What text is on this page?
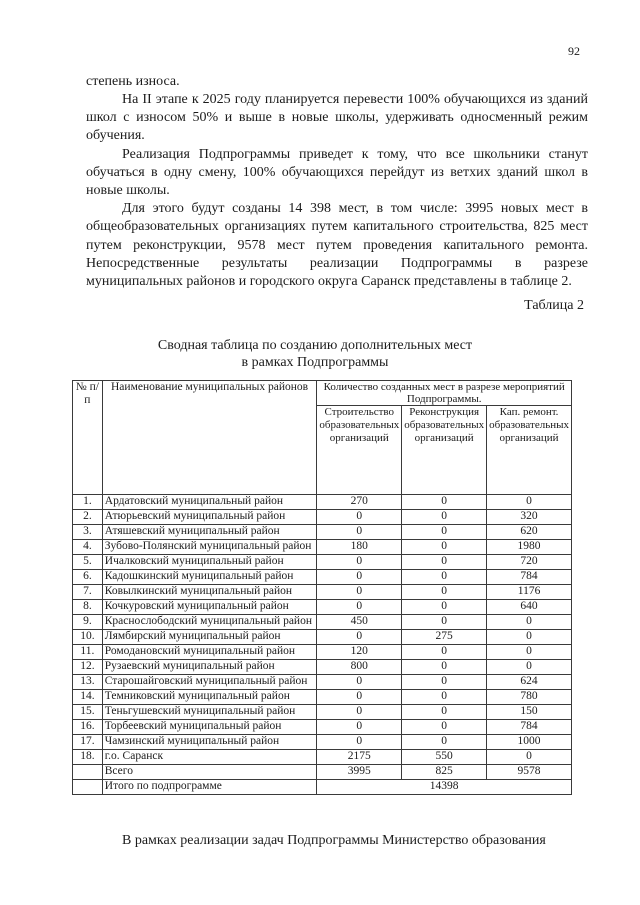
92

степень износа.

На II этапе к 2025 году планируется перевести 100% обучающихся из зданий школ с износом 50% и выше в новые школы, удерживать односменный режим обучения.

Реализация Подпрограммы приведет к тому, что все школьники станут обучаться в одну смену, 100% обучающихся перейдут из ветхих зданий школ в новые школы.

Для этого будут созданы 14 398 мест, в том числе: 3995 новых мест в общеобразовательных организациях путем капитального строительства, 825 мест путем реконструкции, 9578 мест путем проведения капитального ремонта. Непосредственные результаты реализации Подпрограммы в разрезе муниципальных районов и городского округа Саранск представлены в таблице 2.

Таблица 2
Сводная таблица по созданию дополнительных мест
в рамках Подпрограммы
№ п/п	Наименование муниципальных районов	Количество созданных мест в разрезе мероприятий Подпрограммы.		
		Строительство образовательных организаций	Реконструкция образовательных организаций	Кап. ремонт. образовательных организаций
1.	Ардатовский муниципальный район	270	0	0
2.	Атюрьевский муниципальный район	0	0	320
3.	Атяшевский муниципальный район	0	0	620
4.	Зубово-Полянский муниципальный район	180	0	1980
5.	Ичалковский муниципальный район	0	0	720
6.	Кадошкинский муниципальный район	0	0	784
7.	Ковылкинский муниципальный район	0	0	1176
8.	Кочкуровский муниципальный район	0	0	640
9.	Краснослободский муниципальный район	450	0	0
10.	Лямбирский муниципальный район	0	275	0
11.	Ромодановский муниципальный район	120	0	0
12.	Рузаевский муниципальный район	800	0	0
13.	Старошайговский муниципальный район	0	0	624
14.	Темниковский муниципальный район	0	0	780
15.	Теньгушевский муниципальный район	0	0	150
16.	Торбеевский муниципальный район	0	0	784
17.	Чамзинский муниципальный район	0	0	1000
18.	г.о. Саранск	2175	550	0
	Всего	3995	825	9578
	Итого по подпрограмме	14398		

В рамках реализации задач Подпрограммы Министерство образования
